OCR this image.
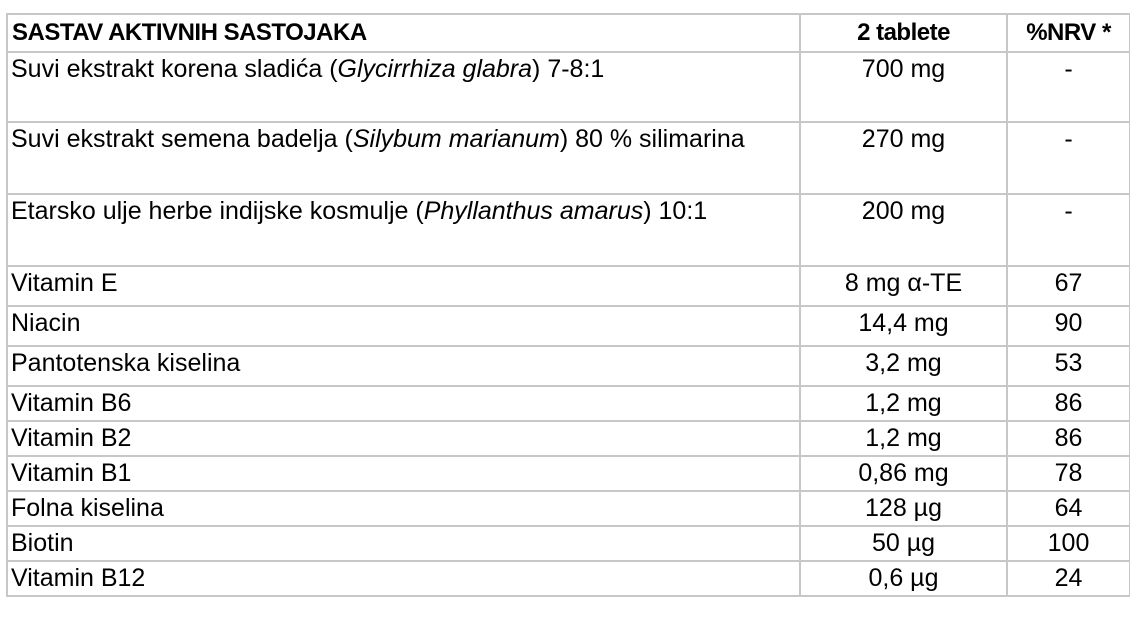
SASTAV AKTIVNIH SASTOJAKA	2 tablete	%NRV *
Suvi ekstrakt korena sladića (Glycirrhiza glabra) 7-8:1	700 mg	-
Suvi ekstrakt semena badelja (Silybum marianum) 80 % silimarina	270 mg	-
Etarsko ulje herbe indijske kosmulje (Phyllanthus amarus) 10:1	200 mg	-
Vitamin E	8 mg α-TE	67
Niacin	14,4 mg	90
Pantotenska kiselina	3,2 mg	53
Vitamin B6	1,2 mg	86
Vitamin B2	1,2 mg	86
Vitamin B1	0,86 mg	78
Folna kiselina	128 µg	64
Biotin	50 µg	100
Vitamin B12	0,6 µg	24
